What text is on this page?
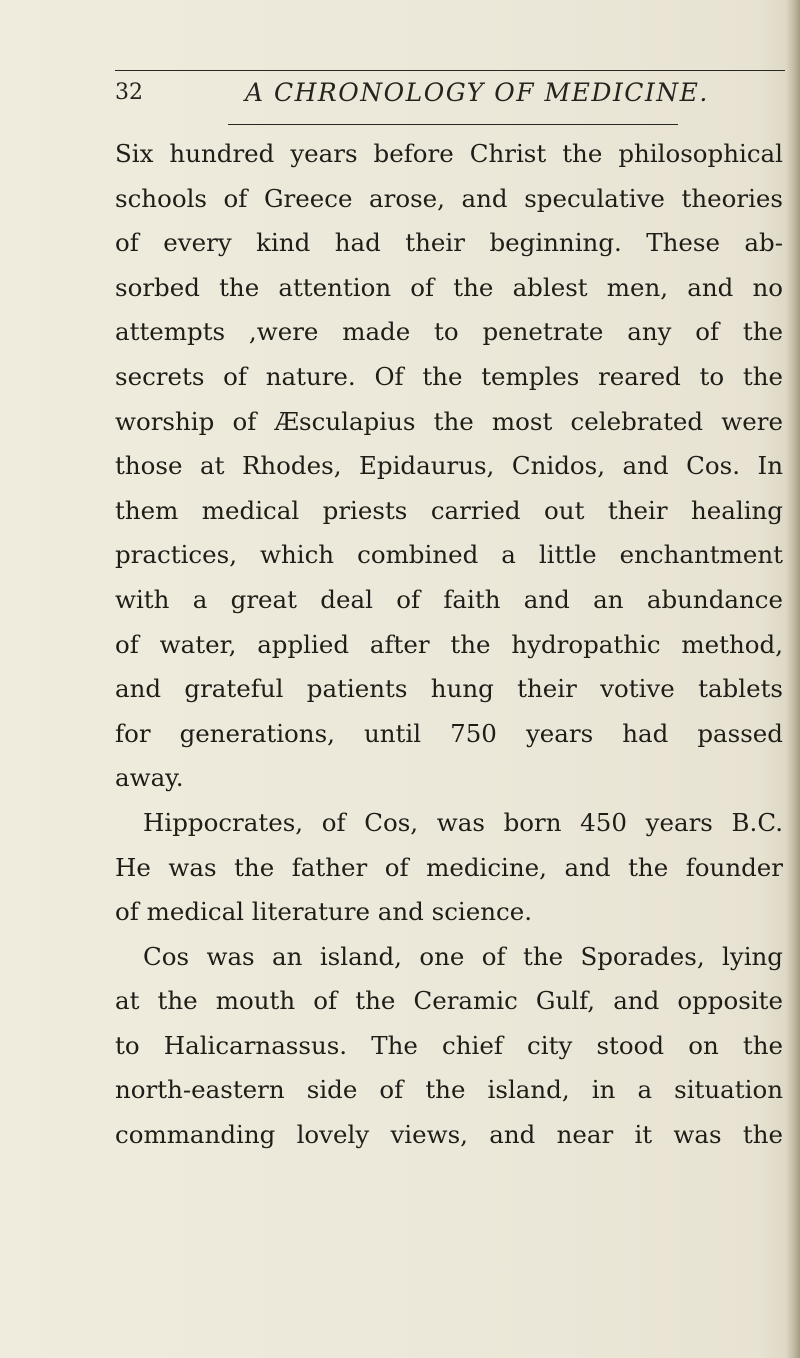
32	A CHRONOLOGY OF MEDICINE.
Six hundred years before Christ the philosophical
schools of Greece arose, and speculative theories
of every kind had their beginning. These ab-
sorbed the attention of the ablest men, and no
attempts ,were made to penetrate any of the
secrets of nature. Of the temples reared to the
worship of Æsculapius the most celebrated were
those at Rhodes, Epidaurus, Cnidos, and Cos. In
them medical priests carried out their healing
practices, which combined a little enchantment
with a great deal of faith and an abundance
of water, applied after the hydropathic method,
and grateful patients hung their votive tablets
for generations, until 750 years had passed
away.
Hippocrates, of Cos, was born 450 years B.C.
He was the father of medicine, and the founder
of medical literature and science.
Cos was an island, one of the Sporades, lying
at the mouth of the Ceramic Gulf, and opposite
to Halicarnassus. The chief city stood on the
north-eastern side of the island, in a situation
commanding lovely views, and near it was the
